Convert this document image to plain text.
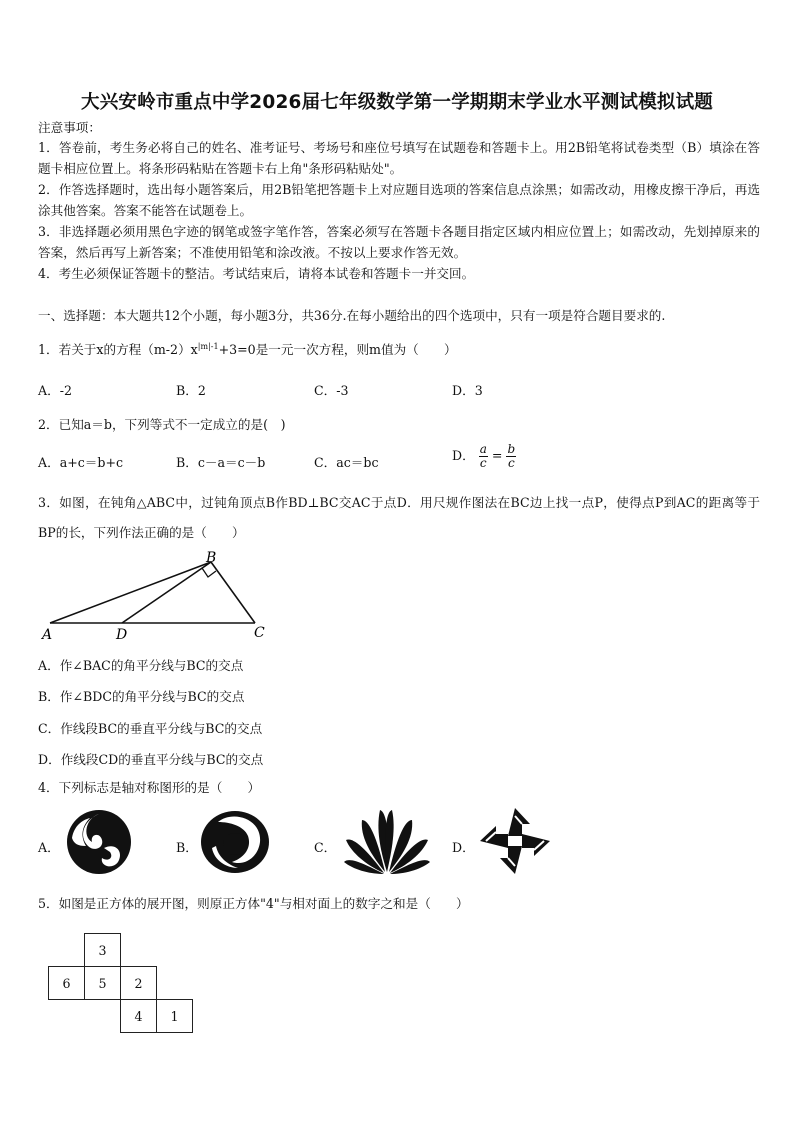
大兴安岭市重点中学2026届七年级数学第一学期期末学业水平测试模拟试题
注意事项：
1．答卷前，考生务必将自己的姓名、准考证号、考场号和座位号填写在试题卷和答题卡上。用2B铅笔将试卷类型（B）填涂在答题卡相应位置上。将条形码粘贴在答题卡右上角"条形码粘贴处"。
2．作答选择题时，选出每小题答案后，用2B铅笔把答题卡上对应题目选项的答案信息点涂黑；如需改动，用橡皮擦干净后，再选涂其他答案。答案不能答在试题卷上。
3．非选择题必须用黑色字迹的钢笔或签字笔作答，答案必须写在答题卡各题目指定区域内相应位置上；如需改动，先划掉原来的答案，然后再写上新答案；不准使用铅笔和涂改液。不按以上要求作答无效。
4．考生必须保证答题卡的整洁。考试结束后，请将本试卷和答题卡一并交回。
一、选择题：本大题共12个小题，每小题3分，共36分.在每小题给出的四个选项中，只有一项是符合题目要求的.
1．若关于x的方程$(m-2)x^{|m|-1}+3=0$是一元一次方程，则m值为（　　）
A．-2	B．2	C．-3	D．3
2．已知a＝b，下列等式不一定成立的是(　)
A．a+c＝b+c	B．c－a＝c－b	C．ac＝bc	D． $\frac{a}{c} = \frac{b}{c}$
3．如图，在钝角△ABC中，过钝角顶点B作BD⊥BC交AC于点D．用尺规作图法在BC边上找一点P，使得点P到AC的距离等于BP的长，下列作法正确的是（　　）
A	D
B
C
A．作∠BAC的角平分线与BC的交点
B．作∠BDC的角平分线与BC的交点
C．作线段BC的垂直平分线与BC的交点
D．作线段CD的垂直平分线与BC的交点
4．下列标志是轴对称图形的是（　　）
A．	B．	C．	D．
5．如图是正方体的展开图，则原正方体"4"与相对面上的数字之和是（　　）
	3		
6	5	2	
		4	1
